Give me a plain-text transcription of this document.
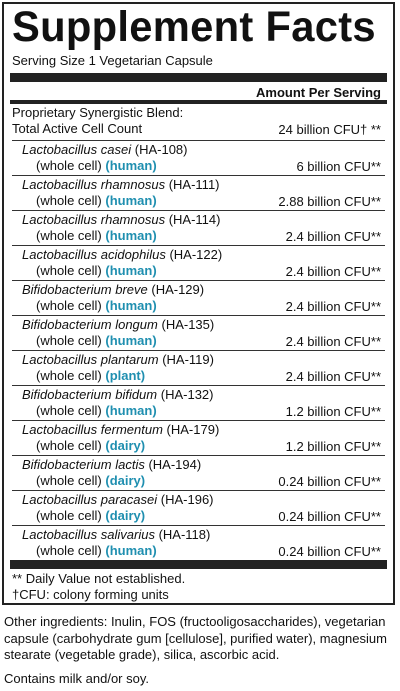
Supplement Facts
Serving Size 1 Vegetarian Capsule
Amount Per Serving
Proprietary Synergistic Blend:
Total Active Cell Count	24 billion CFU† **
Lactobacillus casei (HA-108)
(whole cell) (human)	6 billion CFU**
Lactobacillus rhamnosus (HA-111)
(whole cell) (human)	2.88 billion CFU**
Lactobacillus rhamnosus (HA-114)
(whole cell) (human)	2.4 billion CFU**
Lactobacillus acidophilus (HA-122)
(whole cell) (human)	2.4 billion CFU**
Bifidobacterium breve (HA-129)
(whole cell) (human)	2.4 billion CFU**
Bifidobacterium longum (HA-135)
(whole cell) (human)	2.4 billion CFU**
Lactobacillus plantarum (HA-119)
(whole cell) (plant)	2.4 billion CFU**
Bifidobacterium bifidum (HA-132)
(whole cell) (human)	1.2 billion CFU**
Lactobacillus fermentum (HA-179)
(whole cell) (dairy)	1.2 billion CFU**
Bifidobacterium lactis (HA-194)
(whole cell) (dairy)	0.24 billion CFU**
Lactobacillus paracasei (HA-196)
(whole cell) (dairy)	0.24 billion CFU**
Lactobacillus salivarius (HA-118)
(whole cell) (human)	0.24 billion CFU**
** Daily Value not established.
†CFU: colony forming units
Other ingredients: Inulin, FOS (fructooligosaccharides), vegetarian capsule (carbohydrate gum [cellulose], purified water), magnesium stearate (vegetable grade), silica, ascorbic acid.
Contains milk and/or soy.
